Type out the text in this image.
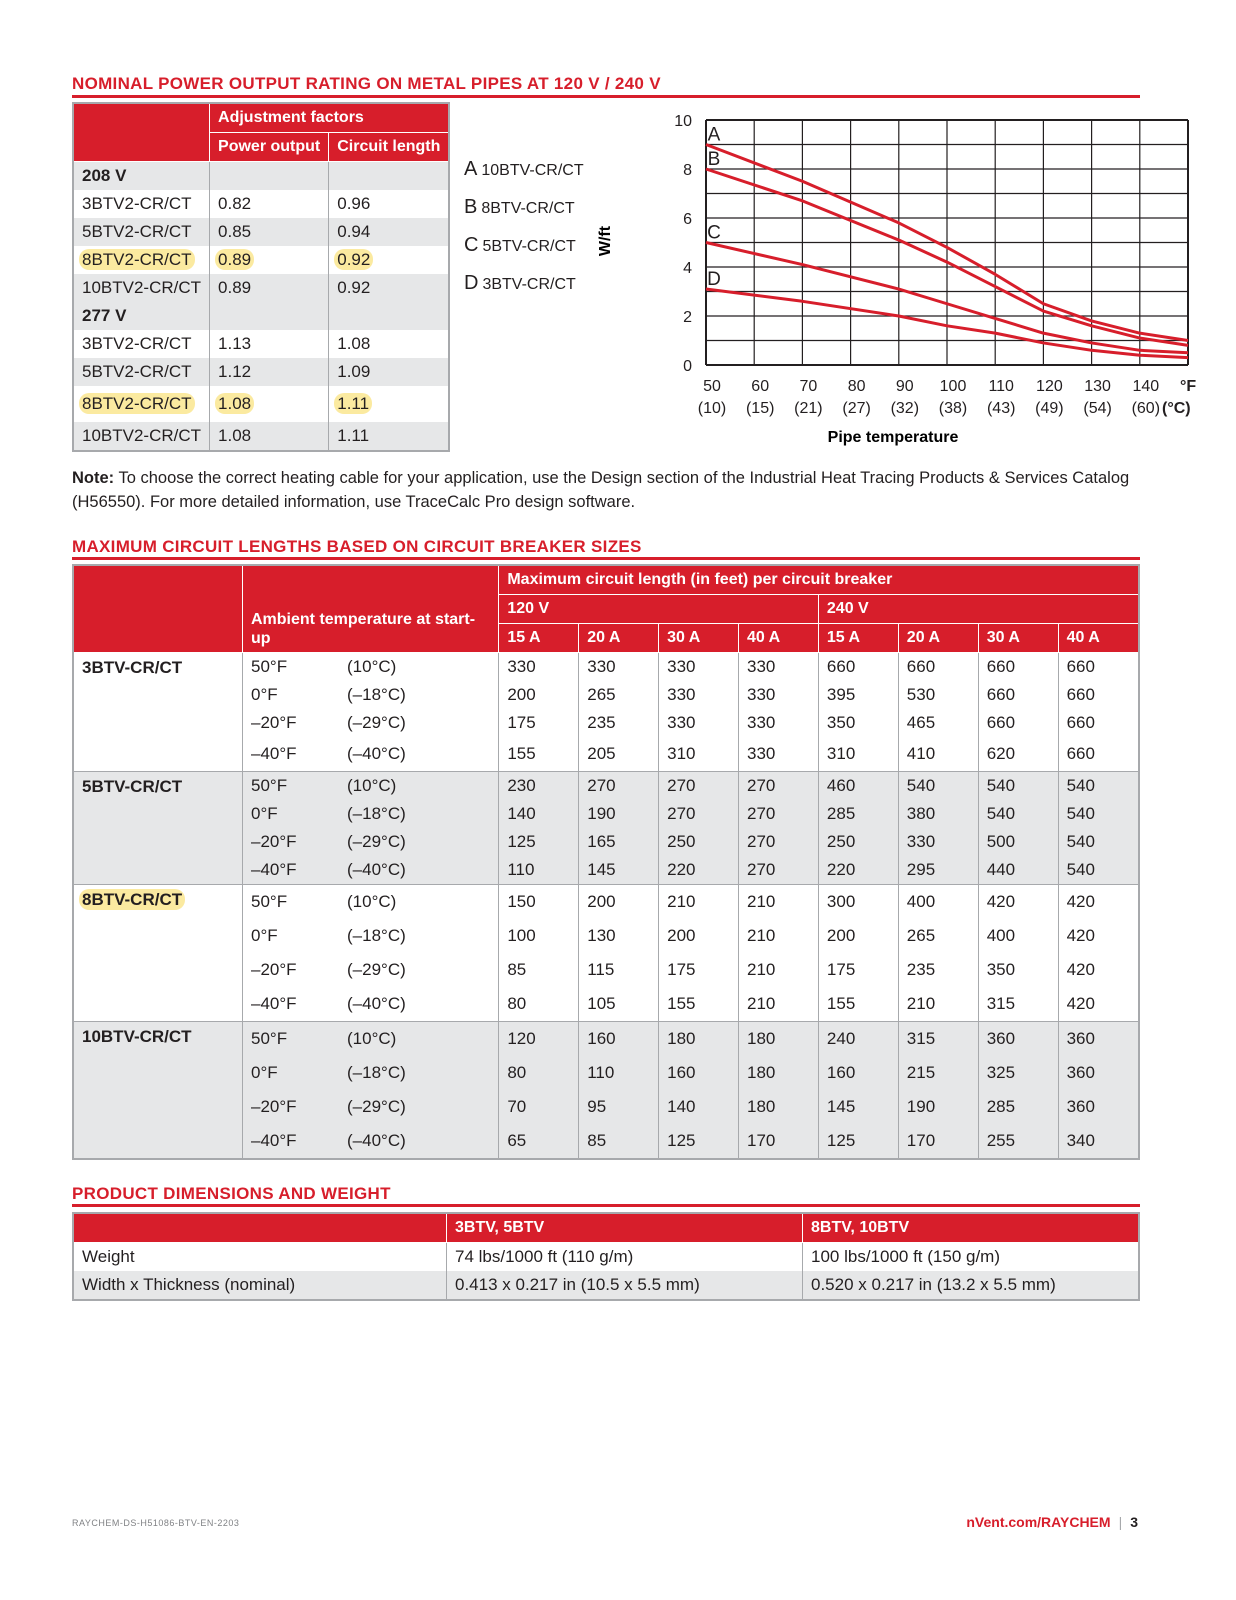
NOMINAL POWER OUTPUT RATING ON METAL PIPES AT 120 V / 240 V
	Adjustment factors	
	Power output	Circuit length
208 V		
3BTV2-CR/CT	0.82	0.96
5BTV2-CR/CT	0.85	0.94
8BTV2-CR/CT	0.89	0.92
10BTV2-CR/CT	0.89	0.92
277 V		
3BTV2-CR/CT	1.13	1.08
5BTV2-CR/CT	1.12	1.09
8BTV2-CR/CT	1.08	1.11
10BTV2-CR/CT	1.08	1.11
A 10BTV-CR/CT
B 8BTV-CR/CT
C 5BTV-CR/CT
D 3BTV-CR/CT
0
2
4
6
8
10
50
(10)
60
(15)
70
(21)
80
(27)
90
(32)
100
(38)
110
(43)
120
(49)
130
(54)
140
(60)
°F
(°C)
A
B
C
D
W/ft
Pipe temperature
Note: To choose the correct heating cable for your application, use the Design section of the Industrial Heat Tracing Products & Services Catalog (H56550). For more detailed information, use TraceCalc Pro design software.
MAXIMUM CIRCUIT LENGTHS BASED ON CIRCUIT BREAKER SIZES
	Ambient temperature at start-up		Maximum circuit length (in feet) per circuit breaker							
			120 V				240 V			
			15 A	20 A	30 A	40 A	15 A	20 A	30 A	40 A
3BTV-CR/CT	50°F	(10°C)	330	330	330	330	660	660	660	660
	0°F	(–18°C)	200	265	330	330	395	530	660	660
	–20°F	(–29°C)	175	235	330	330	350	465	660	660
	–40°F	(–40°C)	155	205	310	330	310	410	620	660
5BTV-CR/CT	50°F	(10°C)	230	270	270	270	460	540	540	540
	0°F	(–18°C)	140	190	270	270	285	380	540	540
	–20°F	(–29°C)	125	165	250	270	250	330	500	540
	–40°F	(–40°C)	110	145	220	270	220	295	440	540
8BTV-CR/CT	50°F	(10°C)	150	200	210	210	300	400	420	420
	0°F	(–18°C)	100	130	200	210	200	265	400	420
	–20°F	(–29°C)	85	115	175	210	175	235	350	420
	–40°F	(–40°C)	80	105	155	210	155	210	315	420
10BTV-CR/CT	50°F	(10°C)	120	160	180	180	240	315	360	360
	0°F	(–18°C)	80	110	160	180	160	215	325	360
	–20°F	(–29°C)	70	95	140	180	145	190	285	360
	–40°F	(–40°C)	65	85	125	170	125	170	255	340
PRODUCT DIMENSIONS AND WEIGHT
	3BTV, 5BTV	8BTV, 10BTV
Weight	74 lbs/1000 ft (110 g/m)	100 lbs/1000 ft (150 g/m)
Width x Thickness (nominal)	0.413 x 0.217 in (10.5 x 5.5 mm)	0.520 x 0.217 in (13.2 x 5.5 mm)
RAYCHEM-DS-H51086-BTV-EN-2203	nVent.com/RAYCHEM | 3
